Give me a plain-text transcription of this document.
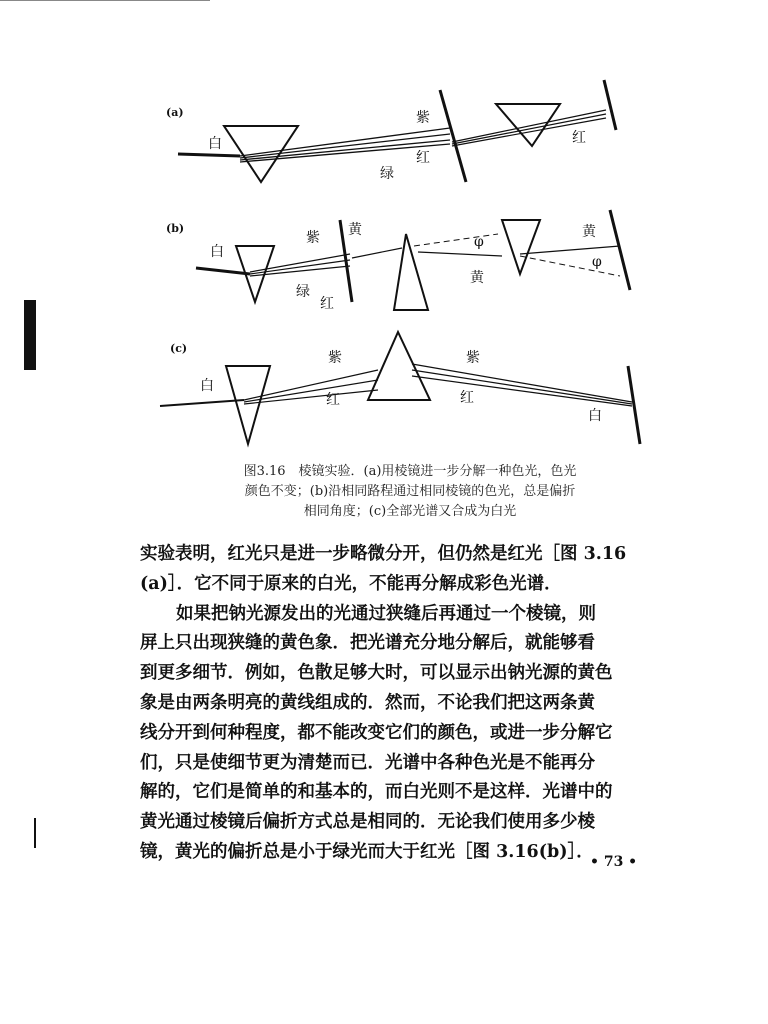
(a)
白
紫
红
绿
红
(b)
白
紫 黄
绿
红
φ
φ
黄
黄
(c)
白
紫
红
紫
红
白
图3.16　棱镜实验．(a)用棱镜进一步分解一种色光，色光
颜色不变；(b)沿相同路程通过相同棱镜的色光，总是偏折
相同角度；(c)全部光谱又合成为白光

实验表明，红光只是进一步略微分开，但仍然是红光［图 3.16
(a)］．它不同于原来的白光，不能再分解成彩色光谱．

如果把钠光源发出的光通过狭缝后再通过一个棱镜，则
屏上只出现狭缝的黄色象．把光谱充分地分解后，就能够看
到更多细节．例如，色散足够大时，可以显示出钠光源的黄色
象是由两条明亮的黄线组成的．然而，不论我们把这两条黄
线分开到何种程度，都不能改变它们的颜色，或进一步分解它
们，只是使细节更为清楚而已．光谱中各种色光是不能再分
解的，它们是简单的和基本的，而白光则不是这样．光谱中的
黄光通过棱镜后偏折方式总是相同的．无论我们使用多少棱
镜，黄光的偏折总是小于绿光而大于红光［图 3.16(b)］．

• 73 •
